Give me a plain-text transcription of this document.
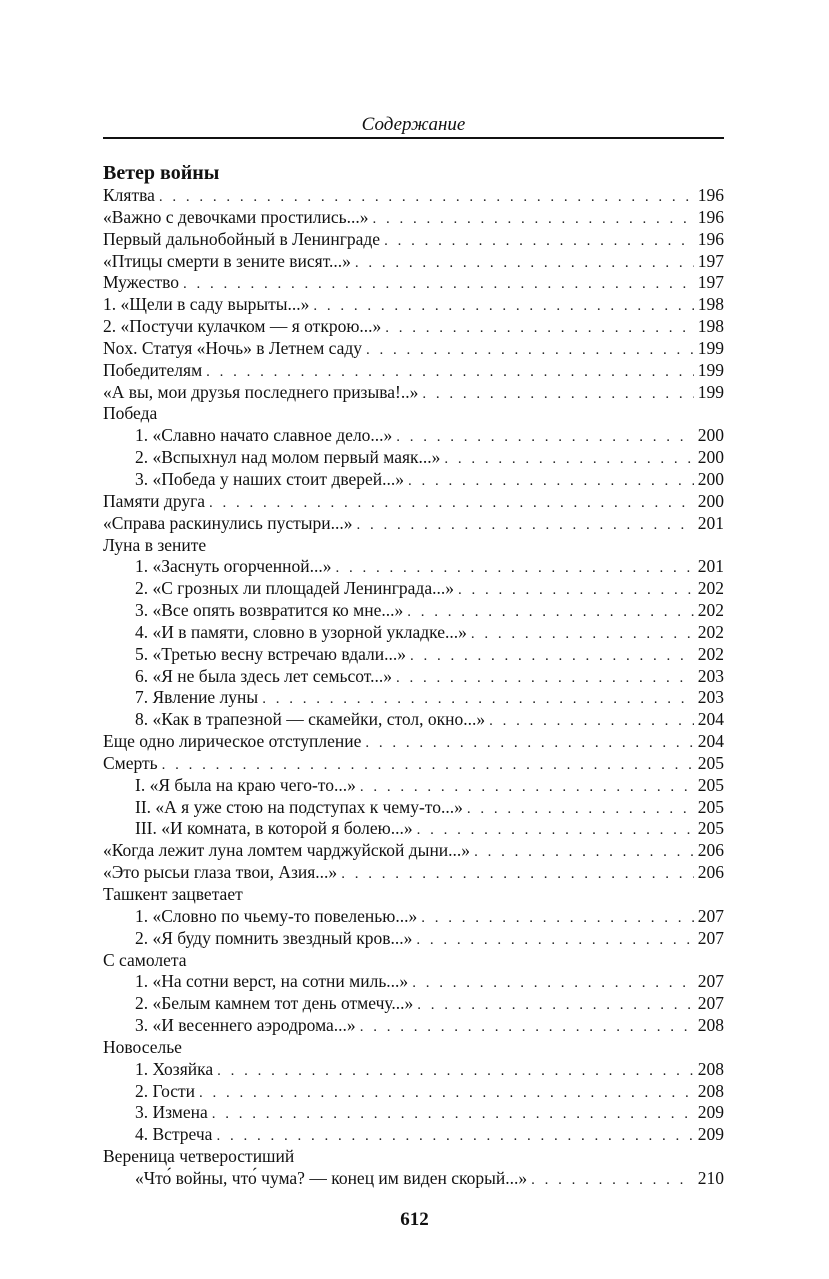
Содержание
Ветер войны
Клятва . . .	196
«Важно с девочками простились...» . . .	196
Первый дальнобойный в Ленинграде . . .	196
«Птицы смерти в зените висят...» . . .	197
Мужество . . .	197
1. «Щели в саду вырыты...» . . .	198
2. «Постучи кулачком — я открою...» . . .	198
Nox. Статуя «Ночь» в Летнем саду . . .	199
Победителям . . .	199
«А вы, мои друзья последнего призыва!..» . . .	199
Победа
1. «Славно начато славное дело...» . . .	200
2. «Вспыхнул над молом первый маяк...» . . .	200
3. «Победа у наших стоит дверей...» . . .	200
Памяти друга . . .	200
«Справа раскинулись пустыри...» . . .	201
Луна в зените
1. «Заснуть огорченной...» . . .	201
2. «С грозных ли площадей Ленинграда...» . . .	202
3. «Все опять возвратится ко мне...» . . .	202
4. «И в памяти, словно в узорной укладке...» . . .	202
5. «Третью весну встречаю вдали...» . . .	202
6. «Я не была здесь лет семьсот...» . . .	203
7. Явление луны . . .	203
8. «Как в трапезной — скамейки, стол, окно...» . . .	204
Еще одно лирическое отступление . . .	204
Смерть . . .	205
I. «Я была на краю чего-то...» . . .	205
II. «А я уже стою на подступах к чему-то...» . . .	205
III. «И комната, в которой я болею...» . . .	205
«Когда лежит луна ломтем чарджуйской дыни...» . . .	206
«Это рысьи глаза твои, Азия...» . . .	206
Ташкент зацветает
1. «Словно по чьему-то повеленью...» . . .	207
2. «Я буду помнить звездный кров...» . . .	207
С самолета
1. «На сотни верст, на сотни миль...» . . .	207
2. «Белым камнем тот день отмечу...» . . .	207
3. «И весеннего аэродрома...» . . .	208
Новоселье
1. Хозяйка . . .	208
2. Гости . . .	208
3. Измена . . .	209
4. Встреча . . .	209
Вереница четверостиший
«Что́ войны, что́ чума? — конец им виден скорый...» . . .	210
612
